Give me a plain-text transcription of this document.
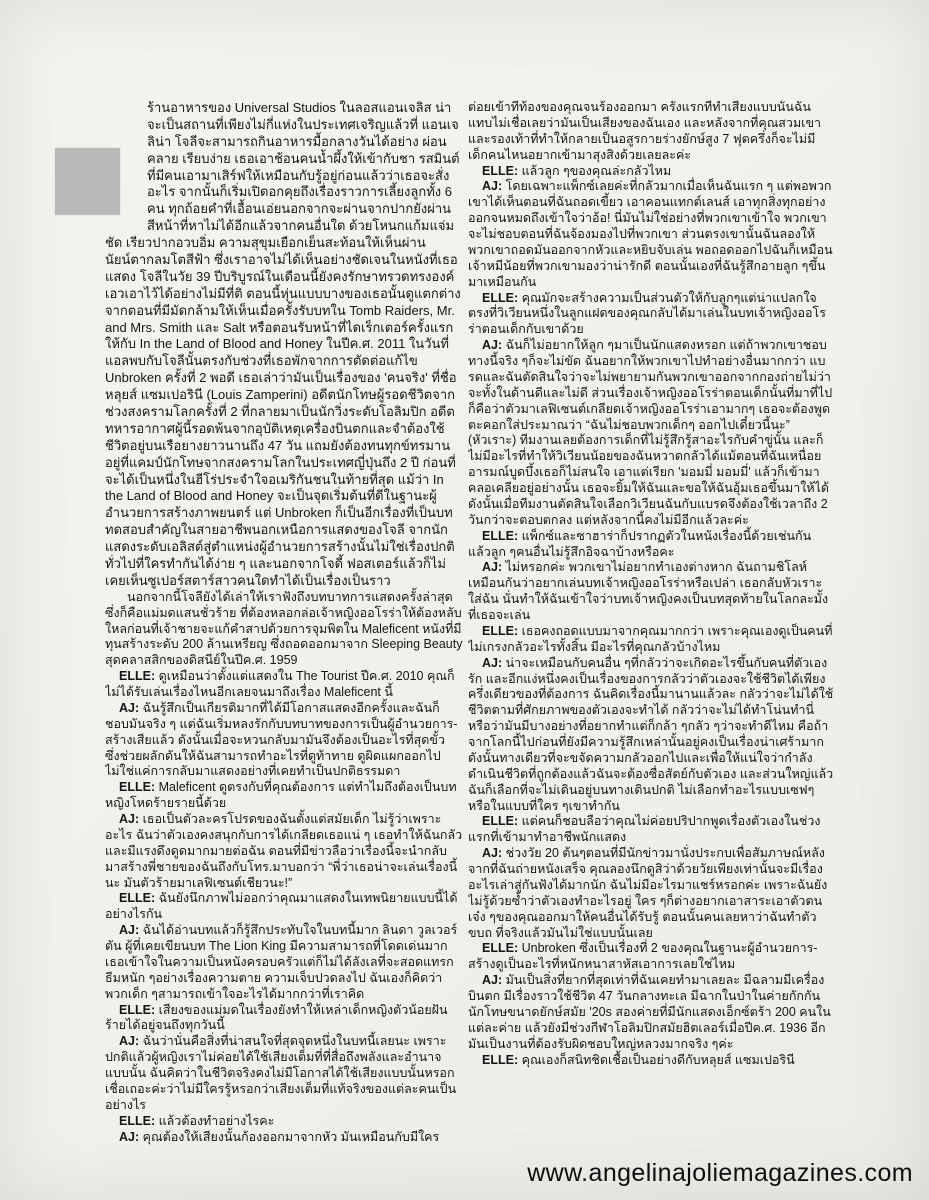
ร้านอาหารของ Universal Studios ในลอสแอนเจลิส น่าจะเป็นสถานที่เพียงไม่กี่แห่งในประเทศเจริญแล้วที่ แอนเจลิน่า โจลีจะสามารถกินอาหารมื้อกลางวันได้อย่าง ผ่อนคลาย เรียบง่าย เธอเอาช้อนคนน้ำผึ้งให้เข้ากับชา รสมินต์ที่มีคนเอามาเสิร์ฟให้เหมือนกับรู้อยู่ก่อนแล้วว่าเธอจะสั่งอะไร จากนั้นก็เริ่มเปิดอกคุยถึงเรื่องราวการเลี้ยงลูกทั้ง 6 คน ทุกถ้อยคำที่เอื้อนเอ่ยนอกจากจะผ่านจากปากยังผ่านสีหน้าที่หาไม่ได้อีกแล้วจากคนอื่นใด ด้วยโหนกแก้มแจ่มชัด เรียวปากอวบอิ่ม ความสุขุมเยือกเย็นสะท้อนให้เห็นผ่านนัยน์ตากลมโตสีฟ้า ซึ่งเราอาจไม่ได้เห็นอย่างชัดเจนในหนังที่เธอแสดง โจลีในวัย 39 ปีบริบูรณ์ในเดือนนี้ยังคงรักษาทรวดทรงองค์เอวเอาไว้ได้อย่างไม่มีที่ติ ตอนนี้หุ่นแบบบางของเธอนั้นดูแตกต่างจากตอนที่มีมัดกล้ามให้เห็นเมื่อครั้งรับบทใน Tomb Raiders, Mr. and Mrs. Smith และ Salt หรือตอนรับหน้าที่ไดเร็กเตอร์ครั้งแรกให้กับ In the Land of Blood and Honey ในปีค.ศ. 2011 ในวันที่แอลพบกับโจลีนั้นตรงกับช่วงที่เธอพักจากการตัดต่อแก้ไข Unbroken ครั้งที่ 2 พอดี เธอเล่าว่ามันเป็นเรื่องของ 'คนจริง' ที่ชื่อหลุยส์ แซมเปอรินี (Louis Zamperini) อดีตนักโทษผู้รอดชีวิตจากช่วงสงครามโลกครั้งที่ 2 ที่กลายมาเป็นนักวิ่งระดับโอลิมปิก อดีตทหารอากาศผู้นี้รอดพ้นจากอุบัติเหตุเครื่องบินตกและจำต้องใช้ชีวิตอยู่บนเรือยางยาวนานถึง 47 วัน แถมยังต้องทนทุกข์ทรมานอยู่ที่แคมป์นักโทษจากสงครามโลกในประเทศญี่ปุ่นถึง 2 ปี ก่อนที่จะได้เป็นหนึ่งในฮีโร่ประจำใจอเมริกันชนในท้ายที่สุด แม้ว่า In the Land of Blood and Honey จะเป็นจุดเริ่มต้นที่ดีในฐานะผู้อำนวยการสร้างภาพยนตร์ แต่ Unbroken ก็เป็นอีกเรื่องที่เป็นบททดสอบสำคัญในสายอาชีพนอกเหนือการแสดงของโจลี จากนักแสดงระดับเอลิสต์สู่ตำแหน่งผู้อำนวยการสร้างนั้นไม่ใช่เรื่องปกติทั่วไปที่ใครทำกันได้ง่าย ๆ และนอกจากโจดี้ ฟอสเตอร์แล้วก็ไม่เคยเห็นซูเปอร์สตาร์สาวคนใดทำได้เป็นเรื่องเป็นราว

นอกจากนี้โจลียังได้เล่าให้เราฟังถึงบทบาทการแสดงครั้งล่าสุด ซึ่งก็คือแม่มดแสนชั่วร้าย ที่ต้องหลอกล่อเจ้าหญิงออโรร่าให้ต้องหลับใหลก่อนที่เจ้าชายจะแก้คำสาปด้วยการจุมพิตใน Maleficent หนังที่มีทุนสร้างระดับ 200 ล้านเหรียญ ซึ่งถอดออกมาจาก Sleeping Beauty สุดคลาสสิกของดิสนีย์ในปีค.ศ. 1959

ELLE: ดูเหมือนว่าตั้งแต่แสดงใน The Tourist ปีค.ศ. 2010 คุณก็ไม่ได้รับเล่นเรื่องไหนอีกเลยจนมาถึงเรื่อง Maleficent นี้

AJ: ฉันรู้สึกเป็นเกียรติมากที่ได้มีโอกาสแสดงอีกครั้งและฉันก็ชอบมันจริง ๆ แต่ฉันเริ่มหลงรักกับบทบาทของการเป็นผู้อำนวยการ-สร้างเสียแล้ว ดังนั้นเมื่อจะหวนกลับมามันจึงต้องเป็นอะไรที่สุดขั้ว ซึ่งช่วยผลักดันให้ฉันสามารถทำอะไรที่ดูท้าทาย ดูผิดแผกออกไป ไม่ใช่แค่การกลับมาแสดงอย่างที่เคยทำเป็นปกติธรรมดา

ELLE: Maleficent ดูตรงกับที่คุณต้องการ แต่ทำไมถึงต้องเป็นบทหญิงโหดร้ายรายนี้ด้วย

AJ: เธอเป็นตัวละครโปรดของฉันตั้งแต่สมัยเด็ก ไม่รู้ว่าเพราะอะไร ฉันว่าตัวเองคงสนุกกับการได้เกลียดเธอแน่ ๆ เธอทำให้ฉันกลัวและมีแรงดึงดูดมากมายต่อฉัน ตอนที่มีข่าวลือว่าเรื่องนี้จะนำกลับมาสร้างพี่ชายของฉันถึงกับโทร.มาบอกว่า “พี่ว่าเธอน่าจะเล่นเรื่องนี้นะ มันตัวร้ายมาเลฟิเซนต์เชียวนะ!”

ELLE: ฉันยังนึกภาพไม่ออกว่าคุณมาแสดงในเทพนิยายแบบนี้ได้อย่างไรกัน

AJ: ฉันได้อ่านบทแล้วก็รู้สึกประทับใจในบทนี้มาก ลินดา วูลเวอร์ตัน ผู้ที่เคยเขียนบท The Lion King มีความสามารถที่โดดเด่นมาก เธอเข้าใจในความเป็นหนังครอบครัวแต่ก็ไม่ได้ลังเลที่จะสอดแทรกธีมหนัก ๆอย่างเรื่องความตาย ความเจ็บปวดลงไป ฉันเองก็คิดว่าพวกเด็ก ๆสามารถเข้าใจอะไรได้มากกว่าที่เราคิด

ELLE: เสียงของแม่มดในเรื่องยังทำให้เหล่าเด็กหญิงตัวน้อยฝันร้ายได้อยู่จนถึงทุกวันนี้

AJ: ฉันว่านั่นคือสิ่งที่น่าสนใจที่สุดจุดหนึ่งในบทนี้เลยนะ เพราะปกติแล้วผู้หญิงเราไม่ค่อยได้ใช้เสียงเต็มที่ที่สื่อถึงพลังและอำนาจแบบนั้น ฉันคิดว่าในชีวิตจริงคงไม่มีโอกาสได้ใช้เสียงแบบนั้นหรอก เชื่อเถอะค่ะว่าไม่มีใครรู้หรอกว่าเสียงเต็มที่แท้จริงของแต่ละคนเป็นอย่างไร

ELLE: แล้วต้องทำอย่างไรคะ

AJ: คุณต้องให้เสียงนั้นก้องออกมาจากหัว มันเหมือนกับมีใคร

ต่อยเข้าที่ท้องของคุณจนร้องออกมา ครั้งแรกที่ทำเสียงแบบนั้นฉันแทบไม่เชื่อเลยว่ามันเป็นเสียงของฉันเอง และหลังจากที่คุณสวมเขาและรองเท้าที่ทำให้กลายเป็นอสูรกายร่างยักษ์สูง 7 ฟุตครึ่งก็จะไม่มีเด็กคนไหนอยากเข้ามาสุงสิงด้วยเลยละค่ะ

ELLE: แล้วลูก ๆของคุณล่ะกลัวไหม

AJ: โดยเฉพาะแพ็กซ์เลยค่ะที่กลัวมากเมื่อเห็นฉันแรก ๆ แต่พอพวกเขาได้เห็นตอนที่ฉันถอดเขี้ยว เอาคอนแทกต์เลนส์ เอาทุกสิ่งทุกอย่างออกจนหมดถึงเข้าใจว่าอ้อ! นี่มันไม่ใช่อย่างที่พวกเขาเข้าใจ พวกเขาจะไม่ชอบตอนที่ฉันจ้องมองไปที่พวกเขา ส่วนตรงเขานั้นฉันลองให้พวกเขาถอดมันออกจากหัวและหยิบจับเล่น พอถอดออกไปฉันก็เหมือนเจ้าหมีน้อยที่พวกเขามองว่าน่ารักดี ตอนนั้นเองที่ฉันรู้สึกอายลูก ๆขึ้นมาเหมือนกัน

ELLE: คุณมักจะสร้างความเป็นส่วนตัวให้กับลูกๆแต่น่าแปลกใจตรงที่วิเวียนหนึ่งในลูกแฝดของคุณกลับได้มาเล่นในบทเจ้าหญิงออโรร่าตอนเด็กกับเขาด้วย

AJ: ฉันก็ไม่อยากให้ลูก ๆมาเป็นนักแสดงหรอก แต่ถ้าพวกเขาชอบทางนี้จริง ๆก็จะไม่ขัด ฉันอยากให้พวกเขาไปทำอย่างอื่นมากกว่า แบรดและฉันตัดสินใจว่าจะไม่พยายามกันพวกเขาออกจากกองถ่ายไม่ว่าจะทั้งในด้านดีและไม่ดี ส่วนเรื่องเจ้าหญิงออโรร่าตอนเด็กนั้นที่มาที่ไปก็คือว่าตัวมาเลฟิเซนต์เกลียดเจ้าหญิงออโรร่าเอามากๆ เธอจะต้องพูดตะคอกใส่ประมาณว่า “ฉันไม่ชอบพวกเด็กๆ ออกไปเดี๋ยวนี้นะ” (หัวเราะ) ทีมงานเลยต้องการเด็กที่ไม่รู้สึกรู้สาอะไรกับคำขู่นั้น และก็ไม่มีอะไรที่ทำให้วิเวียนน้อยของฉันหวาดกลัวได้แม้ตอนที่ฉันเหนื่อย อารมณ์บูดบึ้งเธอก็ไม่สนใจ เอาแต่เรียก 'มอมมี่ มอมมี่' แล้วก็เข้ามาคลอเคลียอยู่อย่างนั้น เธอจะยิ้มให้ฉันและขอให้ฉันอุ้มเธอขึ้นมาให้ได้ ดังนั้นเมื่อทีมงานตัดสินใจเลือกวิเวียนฉันกับแบรดจึงต้องใช้เวลาถึง 2 วันกว่าจะตอบตกลง แต่หลังจากนี้คงไม่มีอีกแล้วละค่ะ

ELLE: แพ็กซ์และซาฮาร่าก็ปรากฏตัวในหนังเรื่องนี้ด้วยเช่นกัน แล้วลูก ๆคนอื่นไม่รู้สึกอิจฉาบ้างหรือคะ

AJ: ไม่หรอกค่ะ พวกเขาไม่อยากทำเองต่างหาก ฉันถามชิโลห์เหมือนกันว่าอยากเล่นบทเจ้าหญิงออโรร่าหรือเปล่า เธอกลับหัวเราะใส่ฉัน นั่นทำให้ฉันเข้าใจว่าบทเจ้าหญิงคงเป็นบทสุดท้ายในโลกละมั้งที่เธอจะเล่น

ELLE: เธอคงถอดแบบมาจากคุณมากกว่า เพราะคุณเองดูเป็นคนที่ไม่เกรงกลัวอะไรทั้งสิ้น มีอะไรที่คุณกลัวบ้างไหม

AJ: น่าจะเหมือนกับคนอื่น ๆที่กลัวว่าจะเกิดอะไรขึ้นกับคนที่ตัวเองรัก และอีกแง่หนึ่งคงเป็นเรื่องของการกลัวว่าตัวเองจะใช้ชีวิตได้เพียงครึ่งเดียวของที่ต้องการ ฉันคิดเรื่องนี้มานานแล้วละ กลัวว่าจะไม่ได้ใช้ชีวิตตามที่ศักยภาพของตัวเองจะทำได้ กลัวว่าจะไม่ได้ทำโน่นทำนี่ หรือว่ามันมีบางอย่างที่อยากทำแต่ก็กล้า ๆกลัว ๆว่าจะทำดีไหม คือถ้าจากโลกนี้ไปก่อนที่ยังมีความรู้สึกเหล่านั้นอยู่คงเป็นเรื่องน่าเศร้ามาก ดังนั้นทางเดียวที่จะขจัดความกลัวออกไปและเพื่อให้แน่ใจว่ากำลังดำเนินชีวิตที่ถูกต้องแล้วฉันจะต้องซื่อสัตย์กับตัวเอง และส่วนใหญ่แล้วฉันก็เลือกที่จะไม่เดินอยู่บนทางเดินปกติ ไม่เลือกทำอะไรแบบเซฟๆ หรือในแบบที่ใคร ๆเขาทำกัน

ELLE: แต่คนก็ชอบลือว่าคุณไม่ค่อยปริปากพูดเรื่องตัวเองในช่วงแรกที่เข้ามาทำอาชีพนักแสดง

AJ: ช่วงวัย 20 ต้นๆตอนที่มีนักข่าวมานั่งประกบเพื่อสัมภาษณ์หลังจากที่ฉันถ่ายหนังเสร็จ คุณลองนึกดูสิว่าด้วยวัยเพียงเท่านั้นจะมีเรื่องอะไรเล่าสู่กันฟังได้มากนัก ฉันไม่มีอะไรมาแชร์หรอกค่ะ เพราะฉันยังไม่รู้ด้วยซ้ำว่าตัวเองทำอะไรอยู่ ใคร ๆก็ต่างอยากเอาสาระเอาตัวตนเจ๋ง ๆของคุณออกมาให้คนอื่นได้รับรู้ ตอนนั้นคนเลยหาว่าฉันทำตัวขบถ ที่จริงแล้วมันไม่ใช่แบบนั้นเลย

ELLE: Unbroken ซึ่งเป็นเรื่องที่ 2 ของคุณในฐานะผู้อำนวยการ-สร้างดูเป็นอะไรที่หนักหนาสาหัสเอาการเลยใช่ไหม

AJ: มันเป็นสิ่งที่ยากที่สุดเท่าที่ฉันเคยทำมาเลยละ มีฉลามมีเครื่องบินตก มีเรื่องราวใช้ชีวิต 47 วันกลางทะเล มีฉากในป่าในค่ายกักกันนักโทษขนาดยักษ์สมัย '20s สองค่ายที่มีนักแสดงเอ็กซ์ตร้า 200 คนในแต่ละค่าย แล้วยังมีช่วงกีฬาโอลิมปิกสมัยฮิตเลอร์เมื่อปีค.ศ. 1936 อีก มันเป็นงานที่ต้องรับผิดชอบใหญ่หลวงมากจริง ๆค่ะ

ELLE: คุณเองก็สนิทชิดเชื้อเป็นอย่างดีกับหลุยส์ แซมเปอรินี

www.angelinajoliemagazines.com
